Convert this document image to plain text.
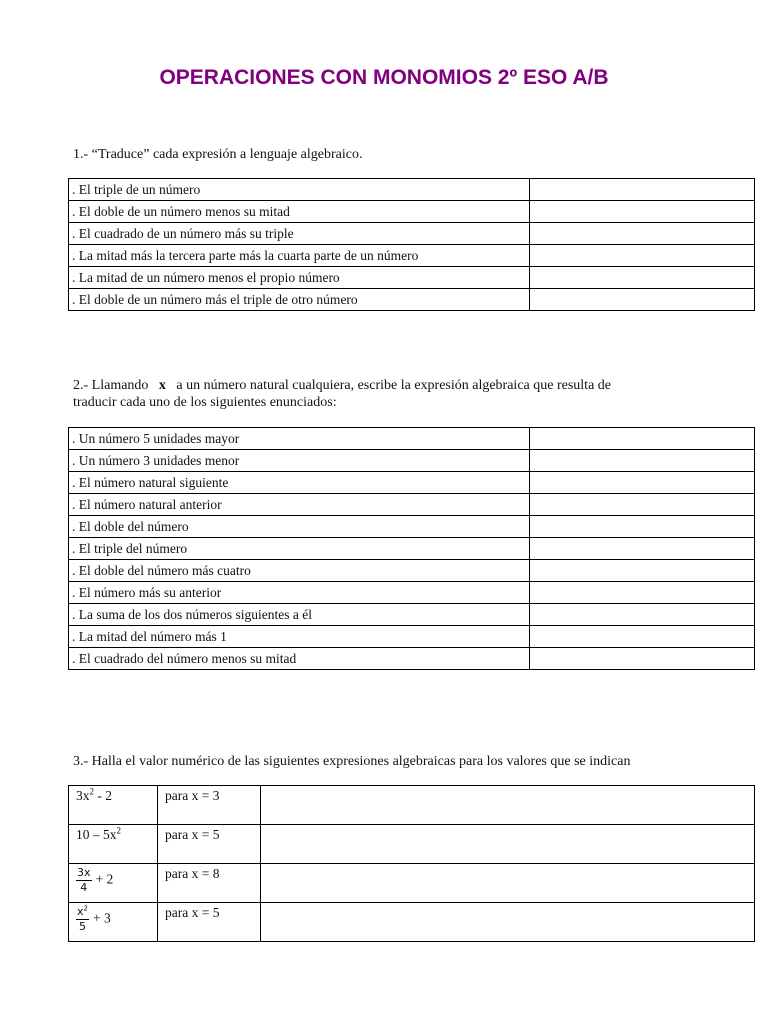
OPERACIONES CON MONOMIOS 2º ESO A/B
1.- “Traduce” cada expresión a lenguaje algebraico.
. El triple de un número	
. El doble de un número menos su mitad	
. El cuadrado de un número más su triple	
. La mitad más la tercera parte más la cuarta parte de un número	
. La mitad de un número menos el propio número	
. El doble de un número más el triple de otro número	
2.- Llamando x a un número natural cualquiera, escribe la expresión algebraica que resulta de
traducir cada uno de los siguientes enunciados:
. Un número 5 unidades mayor	
. Un número 3 unidades menor	
. El número natural siguiente	
. El número natural anterior	
. El doble del número	
. El triple del número	
. El doble del número más cuatro	
. El número más su anterior	
. La suma de los dos números siguientes a él	
. La mitad del número más 1	
. El cuadrado del número menos su mitad	
3.- Halla el valor numérico de las siguientes expresiones algebraicas para los valores que se indican
$3x^2 - 2$	para x = 3	
$10 - 5x^2$	para x = 5	

$\frac{3x}{4} + 2$	para x = 8	

$\frac{x^2}{5} + 3$	para x = 5	
